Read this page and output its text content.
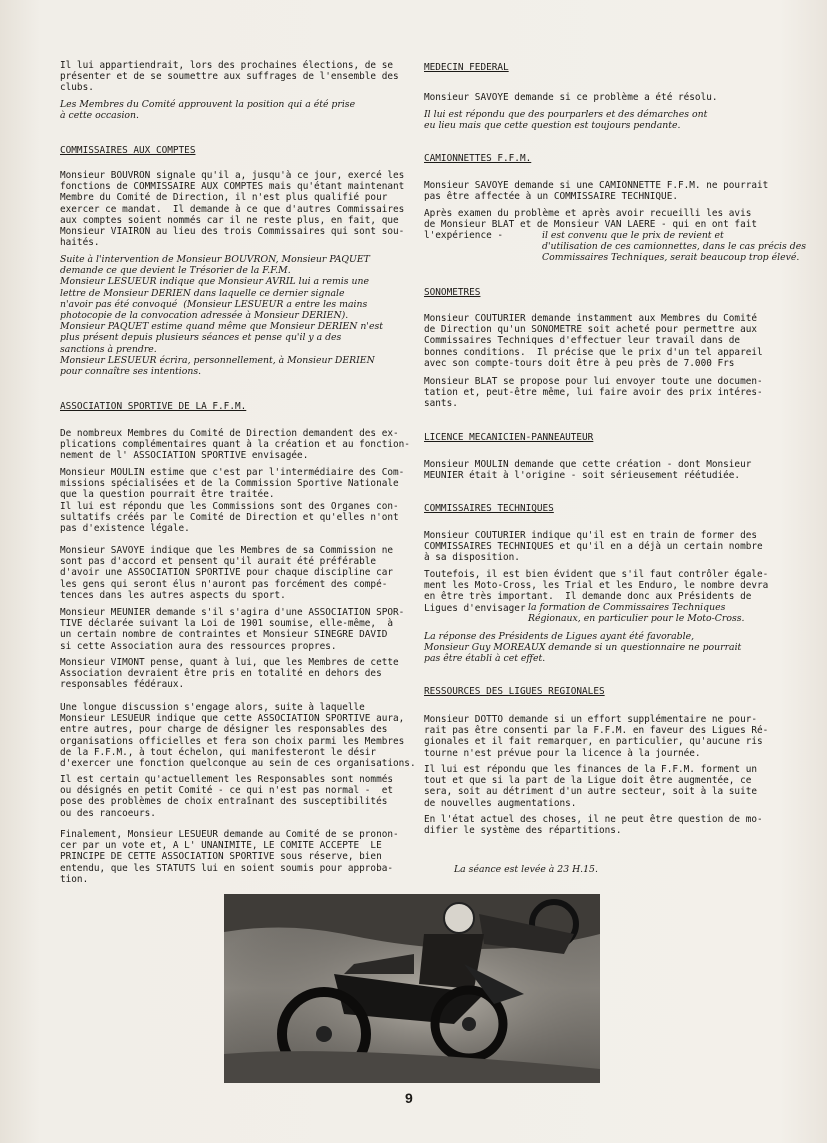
Il lui appartiendrait, lors des prochaines élections, de se
présenter et de se soumettre aux suffrages de l'ensemble des
clubs.

Les Membres du Comité approuvent la position qui a été prise
à cette occasion.

COMMISSAIRES AUX COMPTES

Monsieur BOUVRON signale qu'il a, jusqu'à ce jour, exercé les
fonctions de COMMISSAIRE AUX COMPTES mais qu'étant maintenant
Membre du Comité de Direction, il n'est plus qualifié pour
exercer ce mandat.  Il demande à ce que d'autres Commissaires
aux comptes soient nommés car il ne reste plus, en fait, que
Monsieur VIAIRON au lieu des trois Commissaires qui sont sou-
haités.

Suite à l'intervention de Monsieur BOUVRON, Monsieur PAQUET
demande ce que devient le Trésorier de la F.F.M.
Monsieur LESUEUR indique que Monsieur AVRIL lui a remis une
lettre de Monsieur DERIEN dans laquelle ce dernier signale
n'avoir pas été convoqué  (Monsieur LESUEUR a entre les mains
photocopie de la convocation adressée à Monsieur DERIEN).
Monsieur PAQUET estime quand même que Monsieur DERIEN n'est
plus présent depuis plusieurs séances et pense qu'il y a des
sanctions à prendre.
Monsieur LESUEUR écrira, personnellement, à Monsieur DERIEN
pour connaître ses intentions.

ASSOCIATION SPORTIVE DE LA F.F.M.

De nombreux Membres du Comité de Direction demandent des ex-
plications complémentaires quant à la création et au fonction-
nement de l' ASSOCIATION SPORTIVE envisagée.

Monsieur MOULIN estime que c'est par l'intermédiaire des Com-
missions spécialisées et de la Commission Sportive Nationale
que la question pourrait être traitée.
Il lui est répondu que les Commissions sont des Organes con-
sultatifs créés par le Comité de Direction et qu'elles n'ont
pas d'existence légale.

Monsieur SAVOYE indique que les Membres de sa Commission ne
sont pas d'accord et pensent qu'il aurait été préférable
d'avoir une ASSOCIATION SPORTIVE pour chaque discipline car
les gens qui seront élus n'auront pas forcément des compé-
tences dans les autres aspects du sport.

Monsieur MEUNIER demande s'il s'agira d'une ASSOCIATION SPOR-
TIVE déclarée suivant la Loi de 1901 soumise, elle-même,  à
un certain nombre de contraintes et Monsieur SINEGRE DAVID
si cette Association aura des ressources propres.

Monsieur VIMONT pense, quant à lui, que les Membres de cette
Association devraient être pris en totalité en dehors des
responsables fédéraux.

Une longue discussion s'engage alors, suite à laquelle
Monsieur LESUEUR indique que cette ASSOCIATION SPORTIVE aura,
entre autres, pour charge de désigner les responsables des
organisations officielles et fera son choix parmi les Membres
de la F.F.M., à tout échelon, qui manifesteront le désir
d'exercer une fonction quelconque au sein de ces organisations.

Il est certain qu'actuellement les Responsables sont nommés
ou désignés en petit Comité - ce qui n'est pas normal -  et
pose des problèmes de choix entraînant des susceptibilités
ou des rancoeurs.

Finalement, Monsieur LESUEUR demande au Comité de se pronon-
cer par un vote et, A L' UNANIMITE, LE COMITE ACCEPTE  LE
PRINCIPE DE CETTE ASSOCIATION SPORTIVE sous réserve, bien
entendu, que les STATUTS lui en soient soumis pour approba-
tion.

MEDECIN FEDERAL

Monsieur SAVOYE demande si ce problème a été résolu.

Il lui est répondu que des pourparlers et des démarches ont
eu lieu mais que cette question est toujours pendante.

CAMIONNETTES F.F.M.

Monsieur SAVOYE demande si une CAMIONNETTE F.F.M. ne pourrait
pas être affectée à un COMMISSAIRE TECHNIQUE.

Après examen du problème et après avoir recueilli les avis
de Monsieur BLAT et de Monsieur VAN LAERE - qui en ont fait
l'expérience -	il est convenu que le prix de revient et
d'utilisation de ces camionnettes, dans le cas précis des
Commissaires Techniques, serait beaucoup trop élevé.

SONOMETRES

Monsieur COUTURIER demande instamment aux Membres du Comité
de Direction qu'un SONOMETRE soit acheté pour permettre aux
Commissaires Techniques d'effectuer leur travail dans de
bonnes conditions.  Il précise que le prix d'un tel appareil
avec son compte-tours doit être à peu près de 7.000 Frs

Monsieur BLAT se propose pour lui envoyer toute une documen-
tation et, peut-être même, lui faire avoir des prix intéres-
sants.

LICENCE MECANICIEN-PANNEAUTEUR

Monsieur MOULIN demande que cette création - dont Monsieur
MEUNIER était à l'origine - soit sérieusement réétudiée.

COMMISSAIRES TECHNIQUES

Monsieur COUTURIER indique qu'il est en train de former des
COMMISSAIRES TECHNIQUES et qu'il en a déjà un certain nombre
à sa disposition.

Toutefois, il est bien évident que s'il faut contrôler égale-
ment les Moto-Cross, les Trial et les Enduro, le nombre devra
en être très important.  Il demande donc aux Présidents de
Ligues d'envisager la formation de Commissaires Techniques
Régionaux, en particulier pour le Moto-Cross.

La réponse des Présidents de Ligues ayant été favorable,
Monsieur Guy MOREAUX demande si un questionnaire ne pourrait
pas être établi à cet effet.

RESSOURCES DES LIGUES REGIONALES

Monsieur DOTTO demande si un effort supplémentaire ne pour-
rait pas être consenti par la F.F.M. en faveur des Ligues Ré-
gionales et il fait remarquer, en particulier, qu'aucune ris
tourne n'est prévue pour la licence à la journée.

Il lui est répondu que les finances de la F.F.M. forment un
tout et que si la part de la Ligue doit être augmentée, ce
sera, soit au détriment d'un autre secteur, soit à la suite
de nouvelles augmentations.

En l'état actuel des choses, il ne peut être question de mo-
difier le système des répartitions.

La séance est levée à 23 H.15.

9
